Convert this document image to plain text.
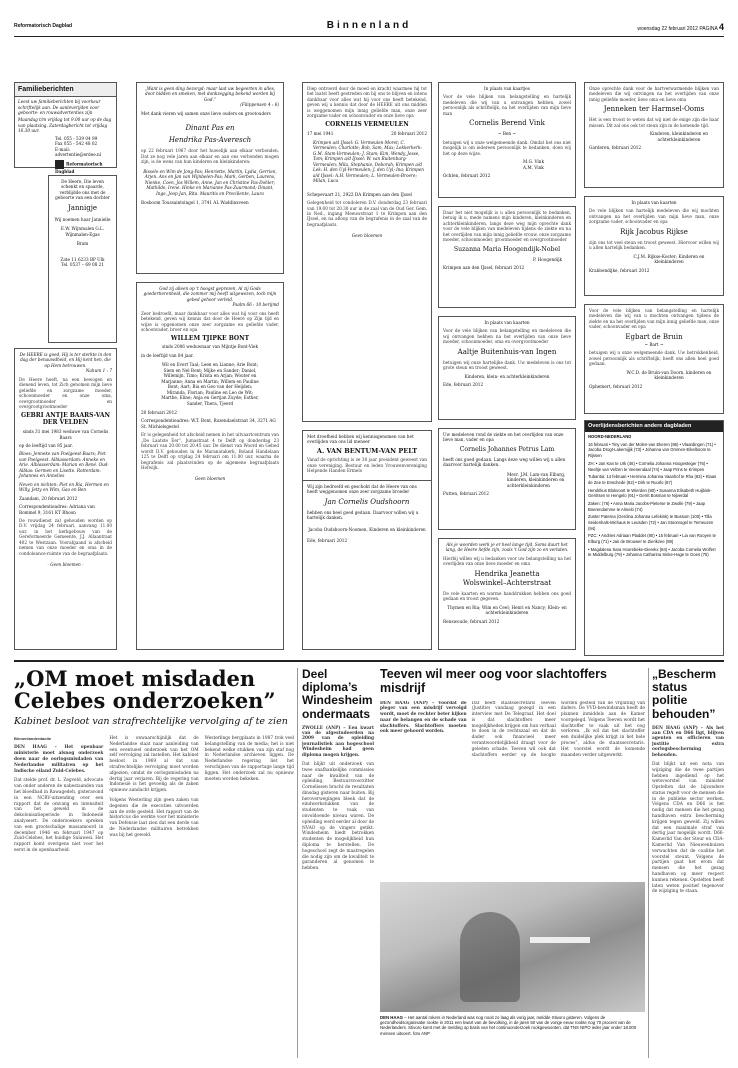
Reformatorisch Dagblad	Binnenland	woensdag 22 februari 2012 PAGINA 4
Familieberichten
Leest uw familieberichten bij voorkeur schriftelijk aan. De aanleverijden voor geboorte- en rouwadvertenties zijn
Maandag t/m vrijdag tot 9.00 uur op de dag van plaatsing. Zaterdagbericht tot vrijdag 16.30 uur.
Tel. 055 - 539 04 99
Fax 055 - 542 48 02
E-mail: advertentie@erdee.nl
Reformatorisch Dagblad
De Heere, Die leven schenkt en spaarde, verblijdde ons met de geboorte van een dochter
Jannigje
Wij noemen haar Jannielle
E.W. Wijnmalen G.L. Wijnmalen-Egas
Bram
Zate 11 6233 BP Ulk
Tel. 0537 – 69 08 21
De HEERE is goed, Hij is ter sterkte in den dag der benauwdheid, en Hij kent hen, die op Hem betrouwen.
Nahum 1 : 7
De Heere heeft, na een bewogen en dienend leven, tot Zich genomen mijn lieve geliefde en zorgzame moeder, schoonmoeder en onze oma, overgrootmoeder en overgrootgrootmoeder
GEBRI ANTJE BAARS-VAN DER VELDEN
sinds 31 mei 1983 weduwe van Cornelis Baars
op de leeftijd van 85 jaar.
Bloes: Jenneke van Poelgeest-Baars; Piet van Poelgeest. Alblasserdam: Anneke en Arie. Alblasserdam: Marian en René. Oud-Alblas: Germen en Lisette. Rotterdam: Johannes en Annelies
Neven en nichten: Piet en Ria, Hermen en Willy, Jetty en Wim, Gao en Ben
Zaandam, 20 februari 2012
Correspondentieadres: Adriana van Bommel 9, 3161 KT Rhoon
De rouwdienst zal gehouden worden op D.V. vrijdag 24 februari, aanvang 11.00 uur, in het kerkgebouw van de Gereformeerde Gemeente, J.J. Allaantraat 402 te Westzaan. Voorafgaand is afscheid nemen van onze moeder en oma in de condoleance-ruimte van de begraafplaats.
- Geen bloemen -
„Want is geen ding bezorgd; maar laat uw begeerten in alles, door bidden en smeken, met dankzegging bekend worden bij God.”
(Filippensen 4 : 6)
Met dank vieren wij samen onze lieve ouders en grootouders
Dinant Pas en
Hendrika Pas-Averesch
op 22 februari 1967 door het huwelijk aan elkaar verbonden. Dat ze nog vele jaren aan elkaar en aan ons verbonden mogen zijn, is de wens van hun kinderen en kleinkinderen:
Bisselo en Wim de Jong-Pas; Henriette, Martin, Lydia, Gerrien, Arjen. Ans en Jan van Wijnbelen-Pas; Mark, Gerben, Laurens, Nienke, Coen, Jos Willem, Anne. Jan en Christine Pas-Dohler; Mathilde, Irene. Hinke en Marianne Pas-Zuurmond; Dinant, Inge, Joop Jan, Rita. Mauritis en Preciilente, Laura
Bosboom Toussaintsingel 1, 3741 AL Waddinxveen
God zij alleen op 't hoogst geprezen, Al zij Gods goedertierenheid, die zommer mij heeft uitgewezen, toch mijn gebed gehoor verleid.
Psalm 66 : 10 berijmd
Zeer bedroefd, maar dankbaar voor alles wat hij voor ons heeft betekend, geven wij kennis dat door de Heere op Zijn tijd en wijze is opgenomen onze zeer zorgzame en geliefde vader, schoonvader, broer en opa
WILLEM TJIPKE BONT
sinds 2006 weduwnaar van Mijntje Bont-Viek
in de leeftijd van 84 jaar.
Wil en Evert Taal; Leen en Lianne; Arie Bont; Siem en Nel Bont; Mijke en Sander; Daniel, Willemijn, Timo; Krista en Arjan; Wouter en Marjanne; Anna en Martin; Willem en Pauline Bont; Aart; Bia en Geo van der Heijden; Miranda, Florian; Pauline en Leo de Wit; Marthe, Eline; Anja en Gertjan Zuyde; Esther, Sander, Thera, Tjeerd
20 februari 2012
Correspondentieadres: W.T. Bont, Rozendaelstraat 34, 3271 AG St. Michielsgestel
Er is gelegenheid tot afscheid nemen in het uitvaartcentrum van „De Laatste Eer”, Jumastraat 4 te Delft op donderdag 23 februari van 20.00 tot 20.45 uur. De dienst van Woord en Gebed wordt D.V. gehouden in de Maranatakerk, Boland Handelaan 125 te Delft op vrijdag 24 februari om 11.00 uur, waarna de begrafenis zal plaatsvinden op de algemene begraafplaats Hofwijk.
Geen bloemen
Diep ontroerd door de moed en kracht waarmee hij tot het laatst heeft gestreden om bij ons te blijven en intens dankbaar voor alles wat hij voor ons heeft betekend, geven wij u kennis dat door de HEERE uit ons midden is weggenomen mijn innig geliefde man, onze zeer zorgzame vader en schoonvader en onze lieve opa
CORNELIS VERMEULEN
17 mei 1941	20 februari 2012
Krimpen a/d IJssel: G. Vermeulen-Moret; C. Vermeulen; Charlotte; Bob, Sam, Max; Lekkerkerk: G.M. Stam-Vermeulen; J. Stam; Kim, Wendy, Jesse, Tom; Krimpen a/d IJssel: W. van Ruitenburg-Vermeulen; Mila, Stephanie, Deborah; Krimpen a/d Lek: H. den Uyl-Vermeulen; J. den Uyl; Ina; Krimpen a/d IJssel: A.H. Vermeulen; L. Vermeulen-Broere; Milan, Luca
Schepevaart 21, 2922 DA Krimpen aan den IJssel
Gelegenheid tot condoleren D.V. donderdag 23 februari van 19.00 tot 20.30 uur in de zaal van de Oud Ger. Gem. in Ned., ingang Meeuwstraat 1 te Krimpen aan den IJssel, en na afloop van de begrafenis in de zaal van de begraafplaats.
Geen bloemen
Met droefheid hebben wij kennisgenomen van het overlijden van ons lid meneer
A. VAN BENTUM-VAN PELT
Vanaf de oprichting is ze 30 jaar president geweest van onze vereniging. Bestuur en leden Vrouwenvereniging Helpende Handen Ermelo
Wij zijn bedroefd en geschokt dat de Heere van ons heeft weggenomen onze zeer zorgzame broeder
Jan Cornelis Oudshoorn
hebben ons heel goed gedaan. Daarvoor willen wij u hartelijk danken.
Jacoba Oudshoorn-Noomen, Kinderen en kleinkinderen
Ede, februari 2012
In plaats van kaartjes
Voor de vele blijken van belangstelling en hartelijk medeleven die wij van u ontvangen hebben, zowel persoonlijk als schriftelijk, na het overlijden van mijn lieve man
Cornelis Berend Vink
~ Ben ~
betuigen wij u onze welgemeende dank. Omdat het ons niet mogelijk is om iedereen persoonlijk te bedanken, doen wij het op deze wijze.
M.G. Vink
A.M. Vink
Ochten, februari 2012
Daar het niet mogelijk is u allen persoonlijk te bedanken, betuig ik u, mede namens mijn kinderen, kleinkinderen en achterkleinkinderen, langs deze weg mijn oprechte dank voor de vele blijken van medeleven tijdens de ziekte en na het overlijden van mijn innig geliefde vrouw, onze zorgzame moeder, schoonmoeder, grootmoeder en overgrootmoeder
Suzanna Maria Hoogendijk-Nobel
P. Hoogendijk
Krimpen aan den IJssel, februari 2012
In plaats van kaarten
Voor de vele blijken van belangstelling en medeleven die wij ontvangen hebben na het overlijden van onze lieve moeder, schoonmoeder, oma en overgrootmoeder
Aaltje Buitenhuis-van Ingen
betuigen wij onze hartelijke dank. Uw medeleven is ons tot grote steun en troost geweest.
Kinderen, klein- en achterkleinkinderen
Ede, februari 2012
Uw medeleven rond de ziekte en het overlijden van onze lieve man, vader en opa
Cornelis Johannes Petrus Lam
heeft ons goed gedaan. Langs deze weg willen wij u allen daarvoor hartelijk danken.
Mevr. J.M. Lam-van Elburg, kinderen, kleinkinderen en achterkleinkinderen
Putten, februari 2012
Als je woorden werk je er heel lange tijd, Soms duurt het lang, de Heere liefde zijn, zoals 't God zijn zo en verlaten.
Hierbij willen wij u bedanken voor uw belangstelling na het overlijden van onze lieve moeder en oma
Hendrika Jeanetta
Wolswinkel–Achterstraat
De vele kaarten en warme handdrukken hebben ons goed gedaan en troost gegeven.
Thymen en Ria; Wim en Ceel; Henri en Nancy; Klein- en achterkleinkinderen
Renswoude, februari 2012
Onze oprechte dank voor de hartverwarmende blijken van medeleven die wij ontvingen na het overlijden van onze innig geliefde moeder, lieve oma en lieve oma
Jenneken ter Harmsel-Ooms
Het is een troost te weten dat wij niet de enige zijn die haar missen. Dit zal ons ook tot steun zijn in de komende tijd.
Kinderen, kleinkinderen en achterkleinkinderen
Garderen, februari 2012
In plaats van kaarten
De vele blijken van hartelijk medeleven die wij mochten ontvangen na het overlijden van mijn lieve man, onze zorgzame vader, schoonvader en opa
Rijk Jacobus Rijkse
zijn ons tot veel steun en troost geweest. Hiervoor willen wij u allen hartelijk bedanken.
C.J.M. Rijkse-Koster; Kinderen en kleinkinderen
Krabbendijke, februari 2012
Voor de vele blijken van belangstelling en hartelijk medeleven die wij van u mochten ontvangen tijdens de ziekte en na het overlijden van mijn innig geliefde man, onze vader, schoonvader en opa
Egbart de Bruin
~ Bart ~
betuigen wij u onze welgemeende dank. Uw betrokkenheid, zowel persoonlijk als schriftelijk, heeft ons allen heel goed gedaan.
W.C.D. de Bruin-van Doorn, kinderen en kleinkinderen
Ophemert, februari 2012
Overlijdensberichten andere dagbladen
NOORD-NEDERLAND
16 februari • Tiny van der Molen-van Ekeren (86) • Vlaardingen (71) • Jacoba Drogt-Lakemijjik (73) • Johanna van Ommen-Eikelboom te Rijssen
ZH: • Jan Kan te Urk (46) • Cornelia Johanna Hoogesteger (76) • Neeltje van Velzen te Veenendaal (74) • Jaap Prins te Krimpen
Tubantia: 14 februari • Hermina Johanna Vaanhof te Rha (83) • Klaas de Zee te Enschede (82) • Dirk te Ruurlo (67)
Hendrikus Blokvoort te Wierden (80) • Susanna Elisabeth Huijbink-Gerritsen te Hengelo (91) • Gerrit Bosman te Nijverdal
Zaken: (76) • Anna Maria Jacobs-Pieterse te Zwolle (79) • Jaap Boerendamme te Almelo (74)
Zuster Paterna (Gerdina Johanna Lefekink) te Bussum (100) • Tilla Seidenhals-Michaus te Leusden (72) • Jan Stoorvogel te Terneuzen (94)
PZC: • Andries Adriaan Pladdet (80) • 15 februari • Lia van Rooyen te Elburg (71) • Jan de Brouwer te Zierikzee (89)
• Magdalena Sara Hoorebeke-Dierekx (84) • Jacoba Cornelia Wolfert te Middelburg (79) • Johanna Catharina Sinke-Hage te Goes (75)
„OM moet misdaden Celebes onderzoeken”
Kabinet besloot van strafrechtelijke vervolging af te zien
Binnenlandredactie
DEN HAAG – Het openbaar ministerie moet alsnog onderzoek doen naar de oorlogsmisdaden van Nederlandse militairen op het Indische eiland Zuid-Celebes.
Dat stelde prof. dr. L. Zegveld, advocate van onder anderen de nabestaanden van het bloedbad in Rawagedeh, gisteravond in een NCRV-uitzending over een rapport dat de omvang en intensiteit van het geweld in de dekolonisatieperiode in Indonesië analyseert. De onderzoekers spreken van een grootschalige massamoord in december 1946 en februari 1947 op Zuid-Celebes, het huidige Sulawesi. Het rapport komt overigens niet voor het eerst in de openbaarheid.
Het is onwaarschijnlijk dat de Nederlandse staat naar aanleiding van een eventueel onderzoek van het OM zelf vervolging zal instellen. Het kabinet besloot in 1969 al dat van strafrechtelijke vervolging moet worden afgezien, omdat de oorlogsmisdaden na dertig jaar verjaren. Bij de regering van Indonesië is het gevoelig als de zaken opnieuw aandacht krijgen.
Volgens Westerling zijn geen zaken van degenen die de executies uitvoerden aan de orde gesteld. Het rapport van de historicus die werkte voor het ministerie van Defensie laat zien dat een derde van de Nederlandse militairen betrokken was bij het geweld.
Westerlings bergplaats in 1987 trok veel belangstelling van de media; het is niet bekend welke stukken van zijn staf nog in Nederlandse archieven liggen. De Nederlandse regering liet het verschijnen van de rapportage lange tijd liggen. Het onderzoek zal nu opnieuw moeten worden bekeken.
Deel diploma’s Windesheim ondermaats
ZWOLLE (ANP) – Een kwart van de afgestudeerden na 2009 van de opleiding journalistiek aan hogeschool Windesheim had geen diploma mogen krijgen.
Dat blijkt uit onderzoek van twee onafhankelijke commissies naar de kwaliteit van de opleiding. Bestuursvoorzitter Cornelissen bracht de resultaten dinsdag gisteren naar buiten. Bij heroverwegingen bleek dat de eindwerkstukken van de studenten te vaak van onvoldoende niveau waren. De opleiding werd eerder al door de NVAO op de vingers getikt. Windesheim biedt betrokken studenten de mogelijkheid hun diploma te herstellen. De hogeschool zegt de maatregelen die nodig zijn om de kwaliteit te garanderen al genomen te hebben.
Teeven wil meer oog voor slachtoffers misdrijf
DEN HAAG (ANP) – Voordat de pleger van een misdrijf vervolgd wordt, moet de rechter beter kijken naar de belangen en de schade van slachtoffers. Slachtoffers moeten ook meer gehoord worden.
Dat heeft staatssecretaris Teeven (Justitie) vandaag gezegd in een interview met De Telegraaf. Het doel is dat slachtoffers meer mogelijkheden krijgen om hun verhaal te doen in de rechtszaal en dat de dader ook financieel meer verantwoordelijkheid draagt voor de geleden schade. Teeven wil ook dat slachtoffers eerder op de hoogte worden gesteld van de vrijlating van daders. De VVD-bewindsman heeft de plannen inmiddels aan de Kamer voorgelegd. Volgens Teeven wordt het slachtoffer te vaak uit het oog verloren. „Ik wil dat het slachtoffer een duidelijke plek krijgt in het hele proces”, aldus de staatssecretaris. Het voorstel wordt de komende maanden verder uitgewerkt.
DEN HAAG – Het aantal rokers in Nederland was nog nooit zo laag als vorig jaar, meldde Stivoro gisteren. Volgens de gezondheidsorganisatie rookte in 2011 een kwart van de bevolking, in de jaren 50 van de vorige eeuw rookte nog 70 procent van de Nederlanders. Stivoro komt met de melding op basis van het continuonderzoek rookgewoonten, dat TNS NIPO ieder jaar onder 18.000 mensen uitvoert. foto ANP
„Bescherm status politie behouden”
DEN HAAG (ANP) – Als het aan CDA en D66 ligt, blijven agenten en officieren van justitie extra oorlogsbescherming behouden.
Dat blijkt uit een nota van wijziging die de twee partijen hebben ingediend op het wetsvoorstel van minister Opstelten dat de bijzondere status regelt voor de mensen die in de publieke sector werken. Volgens CDA en D66 is het nodig dat mensen die het gezag handhaven extra bescherming krijgen tegen geweld. Zij willen dat een maximale straf van dertig jaar mogelijk wordt. D66-Kamerlid Van der Steur en CDA-Kamerlid Van Nieuwenhuizen verwachten dat de coalitie het voorstel steunt. Volgens de partijen gaat het erom dat mensen die het gezag handhaven op meer respect kunnen rekenen. Opstelten heeft laten weten positief tegenover de wijziging te staan.
